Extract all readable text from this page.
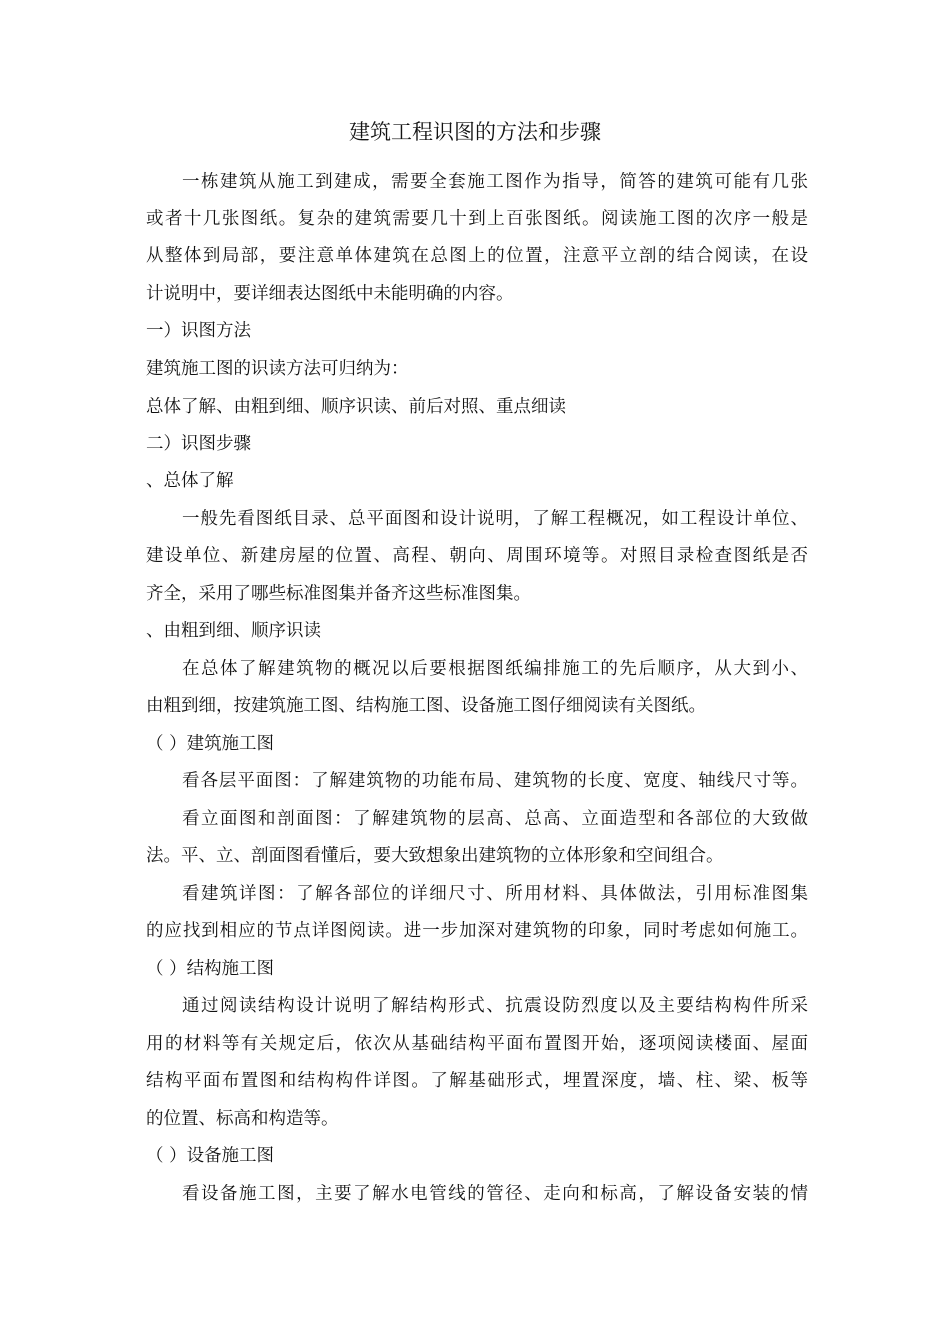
建筑工程识图的方法和步骤
一栋建筑从施工到建成，需要全套施工图作为指导，简答的建筑可能有几张
或者十几张图纸。复杂的建筑需要几十到上百张图纸。阅读施工图的次序一般是
从整体到局部，要注意单体建筑在总图上的位置，注意平立剖的结合阅读，在设
计说明中，要详细表达图纸中未能明确的内容。
一）识图方法
建筑施工图的识读方法可归纳为：
总体了解、由粗到细、顺序识读、前后对照、重点细读
二）识图步骤
、总体了解
一般先看图纸目录、总平面图和设计说明，了解工程概况，如工程设计单位、
建设单位、新建房屋的位置、高程、朝向、周围环境等。对照目录检查图纸是否
齐全，采用了哪些标准图集并备齐这些标准图集。
、由粗到细、顺序识读
在总体了解建筑物的概况以后要根据图纸编排施工的先后顺序，从大到小、
由粗到细，按建筑施工图、结构施工图、设备施工图仔细阅读有关图纸。
（ ）建筑施工图
看各层平面图：了解建筑物的功能布局、建筑物的长度、宽度、轴线尺寸等。
看立面图和剖面图：了解建筑物的层高、总高、立面造型和各部位的大致做
法。平、立、剖面图看懂后，要大致想象出建筑物的立体形象和空间组合。
看建筑详图：了解各部位的详细尺寸、所用材料、具体做法，引用标准图集
的应找到相应的节点详图阅读。进一步加深对建筑物的印象，同时考虑如何施工。
（ ）结构施工图
通过阅读结构设计说明了解结构形式、抗震设防烈度以及主要结构构件所采
用的材料等有关规定后，依次从基础结构平面布置图开始，逐项阅读楼面、屋面
结构平面布置图和结构构件详图。了解基础形式，埋置深度，墙、柱、梁、板等
的位置、标高和构造等。
（ ）设备施工图
看设备施工图，主要了解水电管线的管径、走向和标高，了解设备安装的情
